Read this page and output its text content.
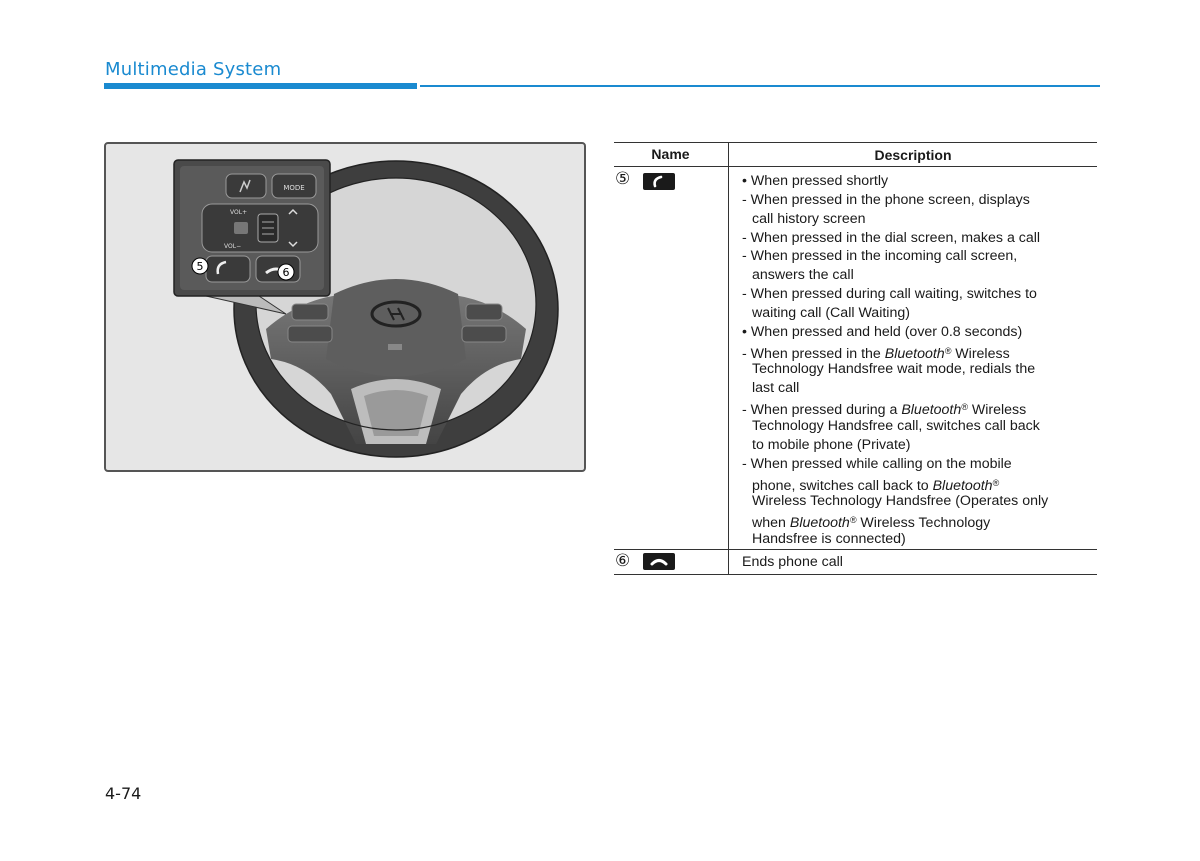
Multimedia System
MODE
VOL+
VOL−
5	6
Name	Description
⑤	• When pressed shortly
- When pressed in the phone screen, displays
call history screen
- When pressed in the dial screen, makes a call
- When pressed in the incoming call screen,
answers the call
- When pressed during call waiting, switches to
waiting call (Call Waiting)
• When pressed and held (over 0.8 seconds)
- When pressed in the Bluetooth® Wireless
Technology Handsfree wait mode, redials the
last call
- When pressed during a Bluetooth® Wireless
Technology Handsfree call, switches call back
to mobile phone (Private)
- When pressed while calling on the mobile
phone, switches call back to Bluetooth®
Wireless Technology Handsfree (Operates only
when Bluetooth® Wireless Technology
Handsfree is connected)
⑥	Ends phone call
4-74
